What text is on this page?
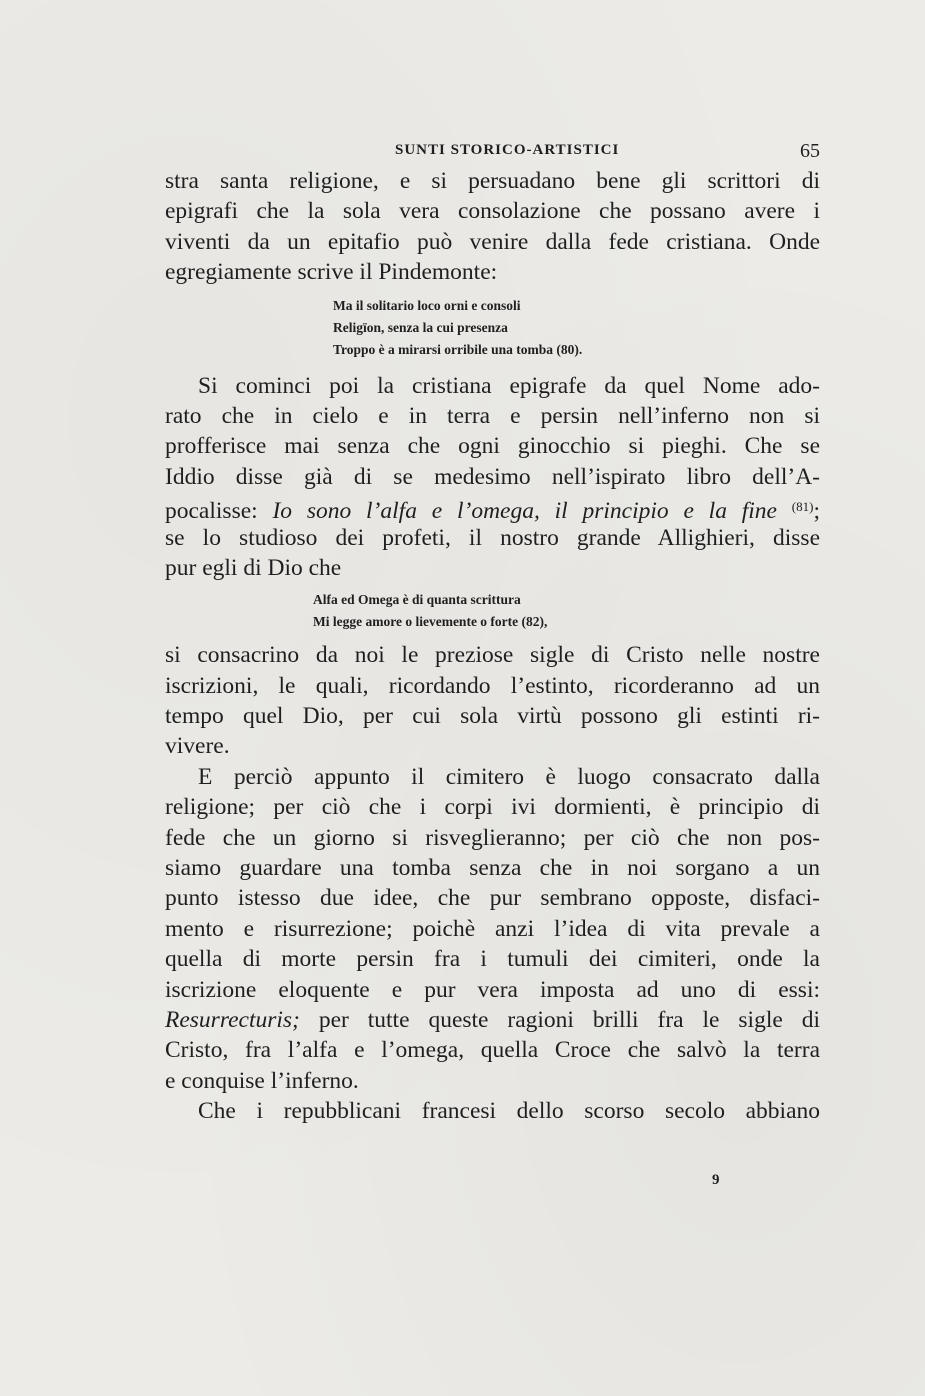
SUNTI STORICO-ARTISTICI	65
stra santa religione, e si persuadano bene gli scrittori di
epigrafi che la sola vera consolazione che possano avere i
viventi da un epitafio può venire dalla fede cristiana. Onde
egregiamente scrive il Pindemonte:
Ma il solitario loco orni e consoli
Religïon, senza la cui presenza
Troppo è a mirarsi orribile una tomba (80).
Si cominci poi la cristiana epigrafe da quel Nome ado-
rato che in cielo e in terra e persin nell’inferno non si
profferisce mai senza che ogni ginocchio si pieghi. Che se
Iddio disse già di se medesimo nell’ispirato libro dell’A-
pocalisse: Io sono l’alfa e l’omega, il principio e la fine $^{(81)}$;
se lo studioso dei profeti, il nostro grande Allighieri, disse
pur egli di Dio che
Alfa ed Omega è di quanta scrittura
Mi legge amore o lievemente o forte (82),
si consacrino da noi le preziose sigle di Cristo nelle nostre
iscrizioni, le quali, ricordando l’estinto, ricorderanno ad un
tempo quel Dio, per cui sola virtù possono gli estinti ri-
vivere.
E perciò appunto il cimitero è luogo consacrato dalla
religione; per ciò che i corpi ivi dormienti, è principio di
fede che un giorno si risveglieranno; per ciò che non pos-
siamo guardare una tomba senza che in noi sorgano a un
punto istesso due idee, che pur sembrano opposte, disfaci-
mento e risurrezione; poichè anzi l’idea di vita prevale a
quella di morte persin fra i tumuli dei cimiteri, onde la
iscrizione eloquente e pur vera imposta ad uno di essi:
Resurrecturis; per tutte queste ragioni brilli fra le sigle di
Cristo, fra l’alfa e l’omega, quella Croce che salvò la terra
e conquise l’inferno.
Che i repubblicani francesi dello scorso secolo abbiano
9
